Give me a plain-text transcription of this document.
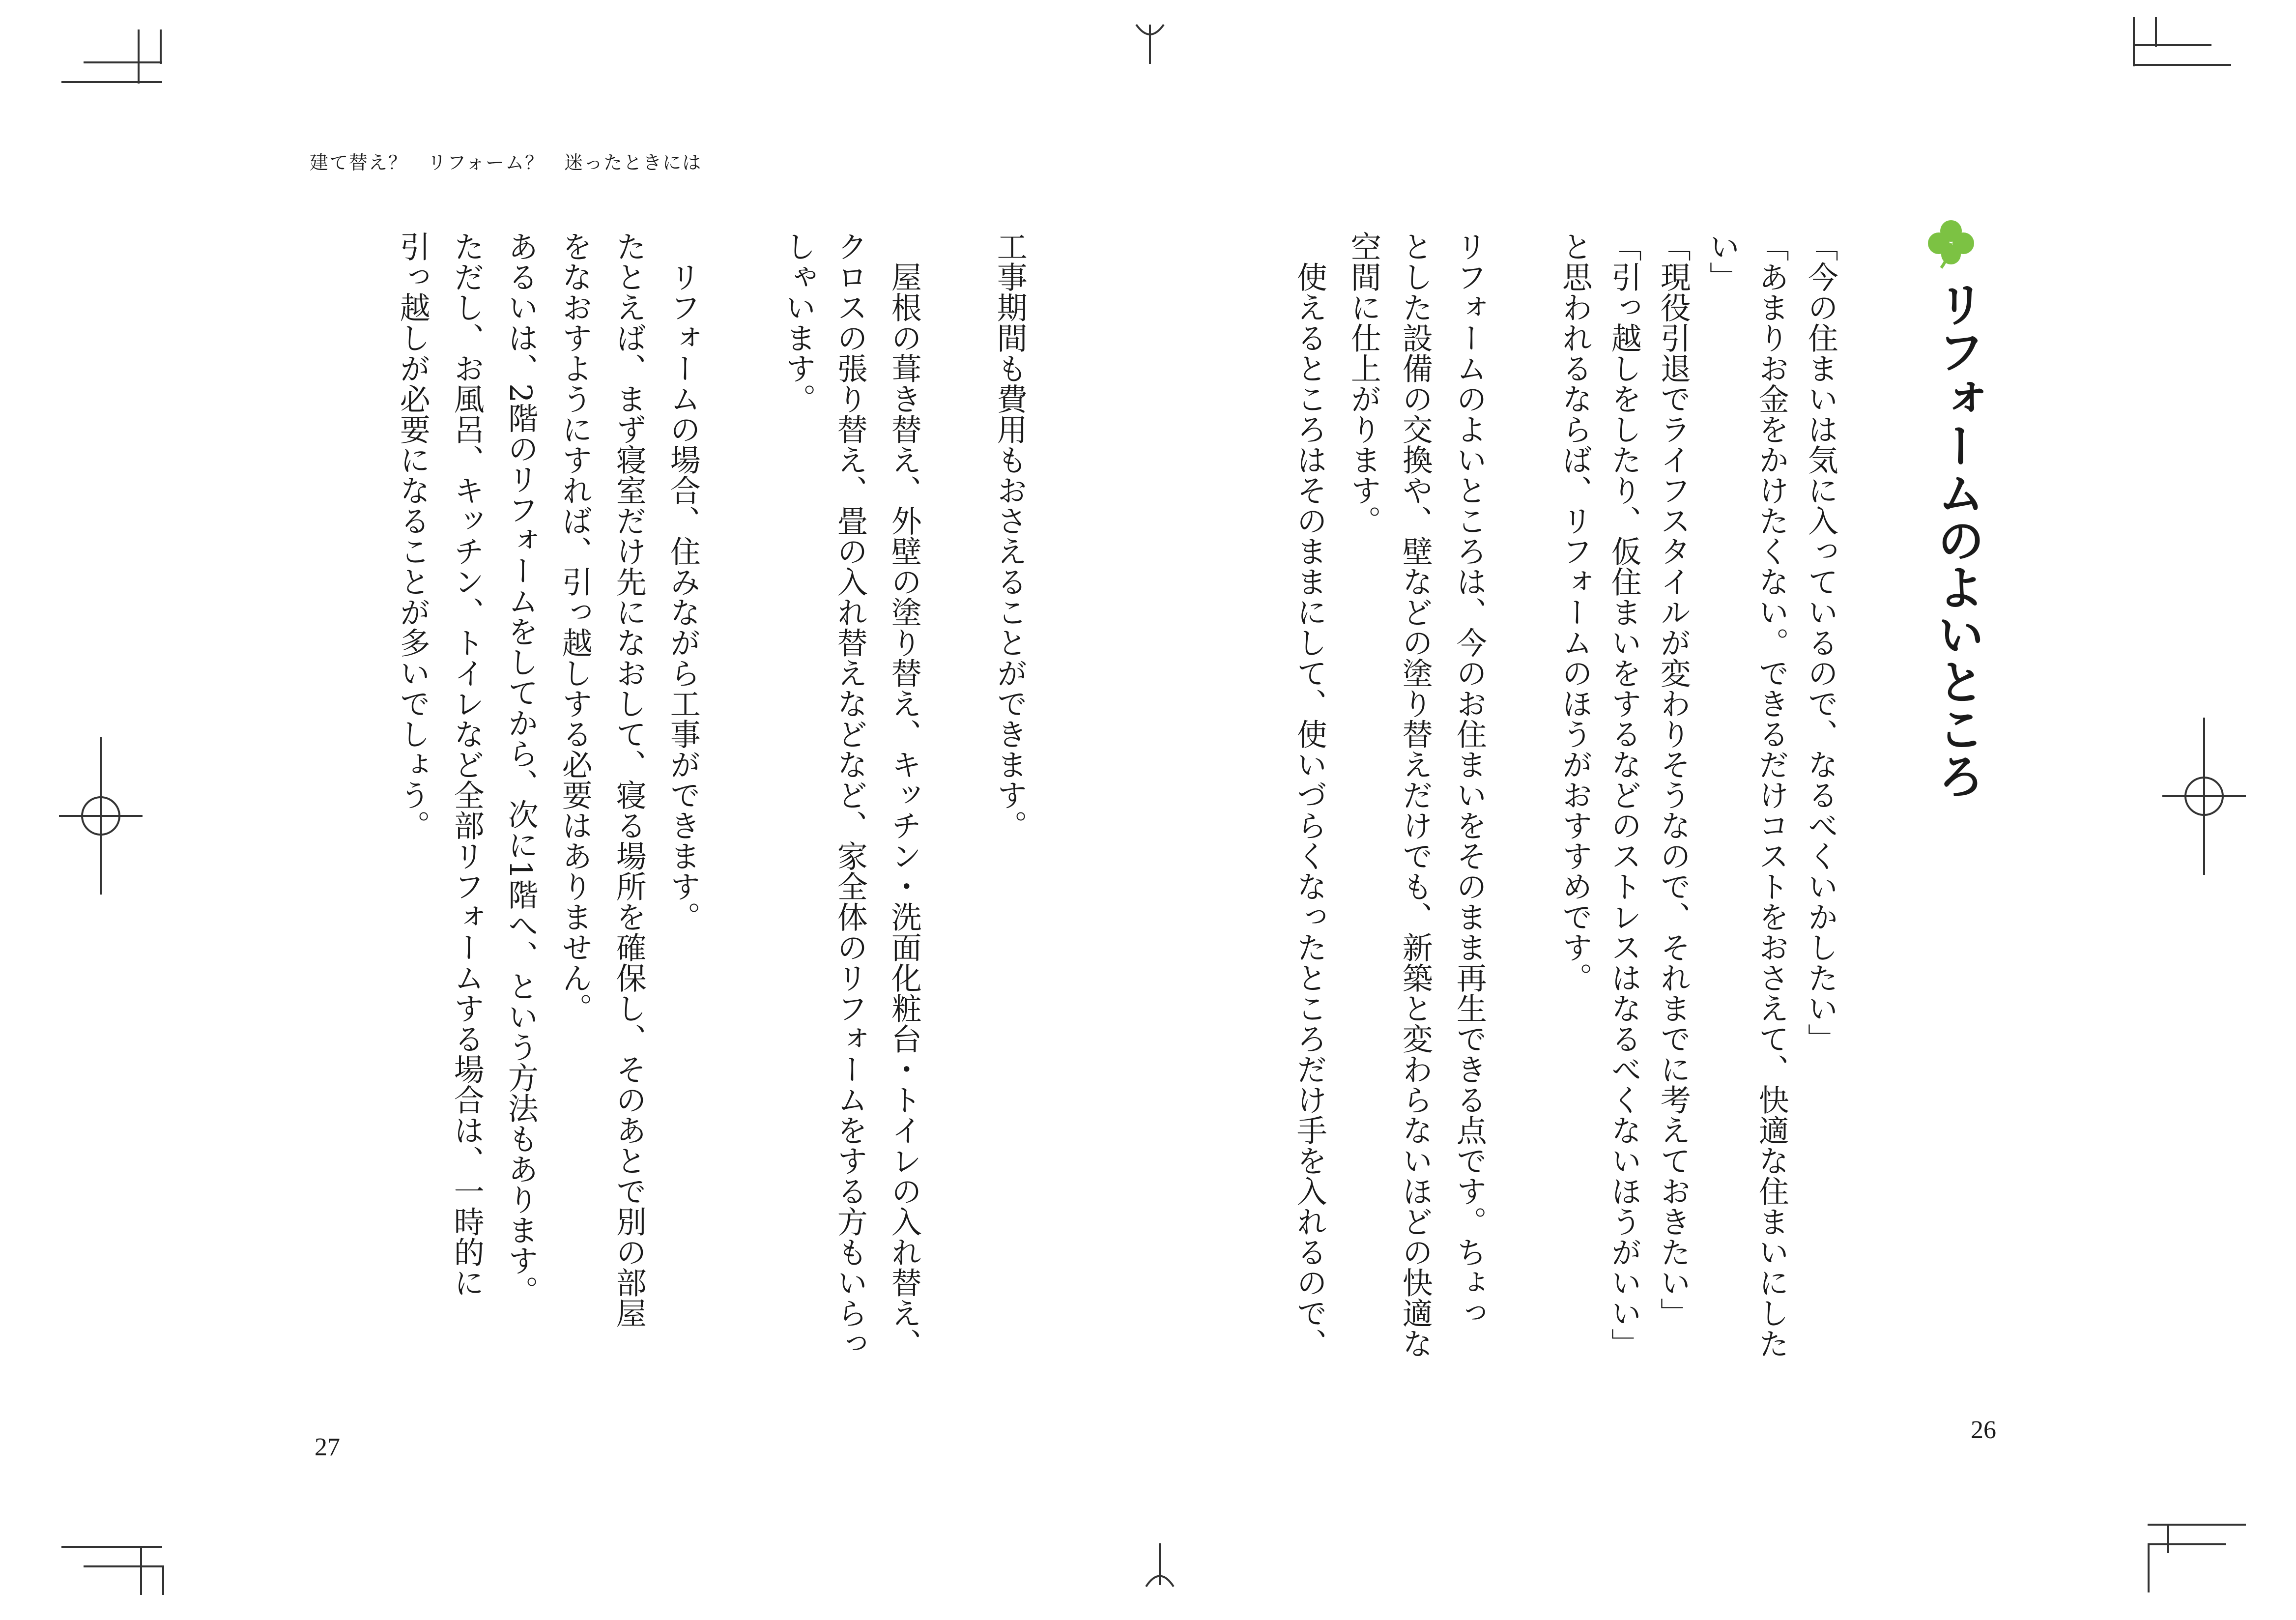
建て替え？　リフォーム？　迷ったときには
27
26
リフォームのよいところ
「今の住まいは気に入っているので、なるべくいかしたい」
「あまりお金をかけたくない。できるだけコストをおさえて、快適な住まいにした
い」
「現役引退でライフスタイルが変わりそうなので、それまでに考えておきたい」
「引っ越しをしたり、仮住まいをするなどのストレスはなるべくないほうがいい」
と思われるならば、リフォームのほうがおすすめです。
リフォームのよいところは、今のお住まいをそのまま再生できる点です。ちょっ
とした設備の交換や、壁などの塗り替えだけでも、新築と変わらないほどの快適な
空間に仕上がります。
　使えるところはそのままにして、使いづらくなったところだけ手を入れるので、
工事期間も費用もおさえることができます。
　屋根の葺き替え、外壁の塗り替え、キッチン・洗面化粧台・トイレの入れ替え、
クロスの張り替え、畳の入れ替えなどなど、家全体のリフォームをする方もいらっ
しゃいます。
　リフォームの場合、住みながら工事ができます。
たとえば、まず寝室だけ先になおして、寝る場所を確保し、そのあとで別の部屋
をなおすようにすれば、引っ越しする必要はありません。
あるいは、2階のリフォームをしてから、次に1階へ、という方法もあります。
ただし、お風呂、キッチン、トイレなど全部リフォームする場合は、一時的に
引っ越しが必要になることが多いでしょう。
